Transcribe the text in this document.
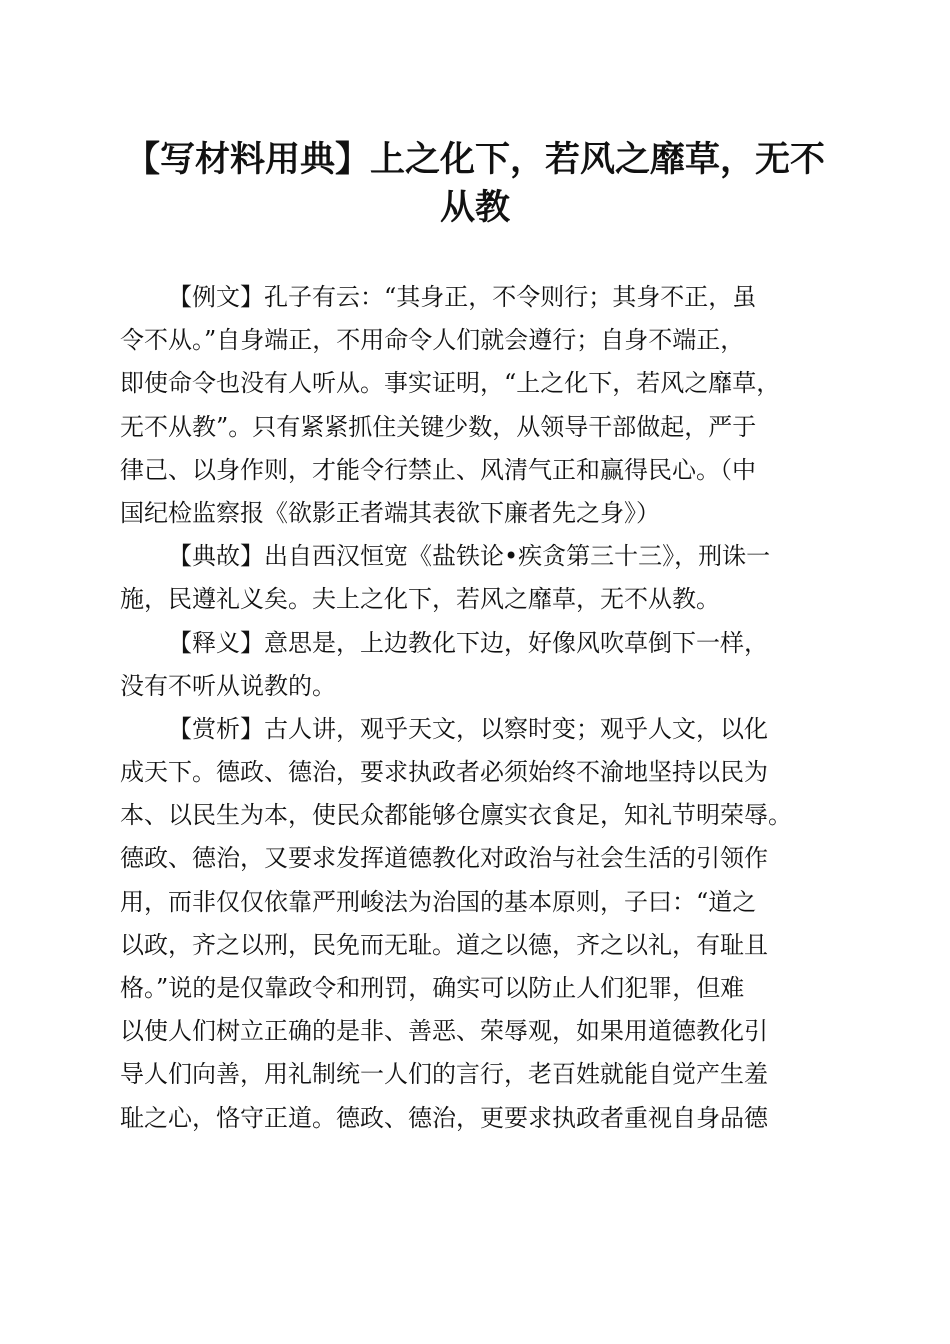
【写材料用典】上之化下，若风之靡草，无不
从教
【例文】孔子有云：“其身正，不令则行；其身不正，虽
令不从。”自身端正，不用命令人们就会遵行；自身不端正，
即使命令也没有人听从。事实证明，“上之化下，若风之靡草，
无不从教”。只有紧紧抓住关键少数，从领导干部做起，严于
律己、以身作则，才能令行禁止、风清气正和赢得民心。（中
国纪检监察报《欲影正者端其表欲下廉者先之身》）
【典故】出自西汉恒宽《盐铁论•疾贪第三十三》，刑诛一
施，民遵礼义矣。夫上之化下，若风之靡草，无不从教。
【释义】意思是，上边教化下边，好像风吹草倒下一样，
没有不听从说教的。
【赏析】古人讲，观乎天文，以察时变；观乎人文，以化
成天下。德政、德治，要求执政者必须始终不渝地坚持以民为
本、以民生为本，使民众都能够仓廪实衣食足，知礼节明荣辱。
德政、德治，又要求发挥道德教化对政治与社会生活的引领作
用，而非仅仅依靠严刑峻法为治国的基本原则，子曰：“道之
以政，齐之以刑，民免而无耻。道之以德，齐之以礼，有耻且
格。”说的是仅靠政令和刑罚，确实可以防止人们犯罪，但难
以使人们树立正确的是非、善恶、荣辱观，如果用道德教化引
导人们向善，用礼制统一人们的言行，老百姓就能自觉产生羞
耻之心，恪守正道。德政、德治，更要求执政者重视自身品德
